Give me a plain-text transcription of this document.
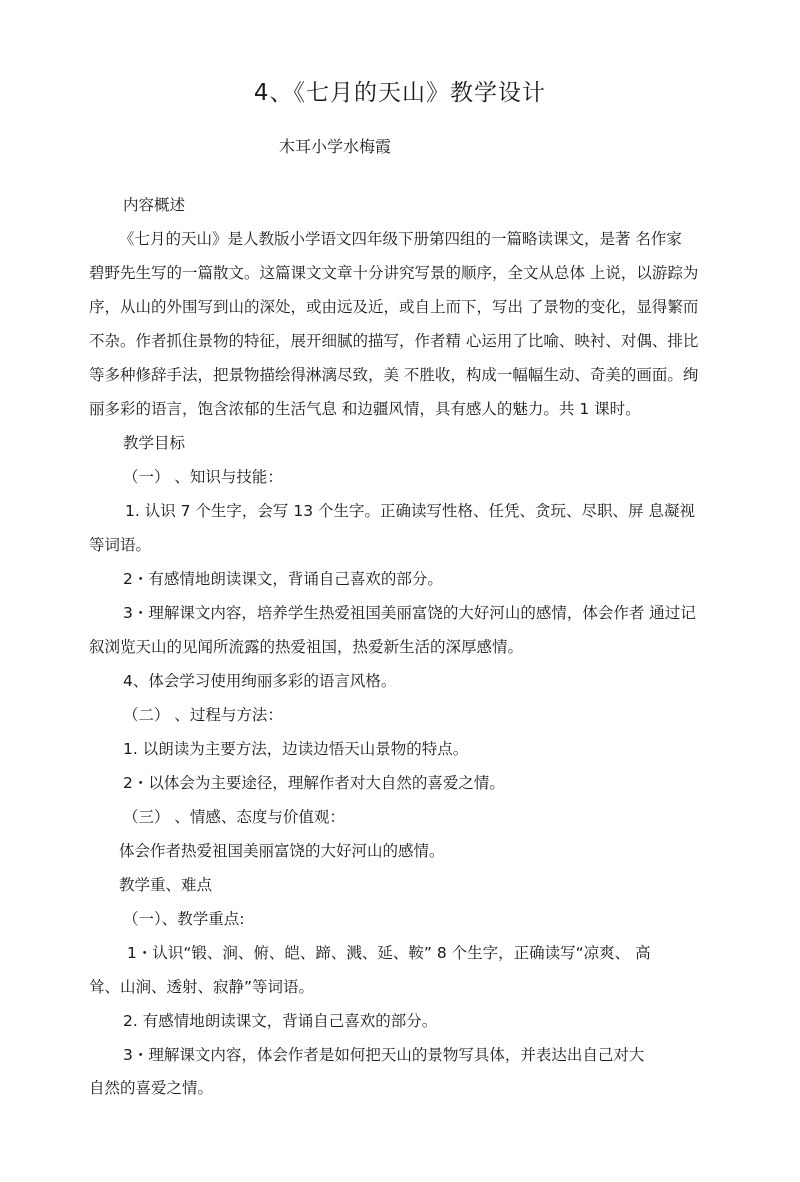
4、《七月的天山》教学设计
木耳小学水梅霞
内容概述
《七月的天山》是人教版小学语文四年级下册第四组的一篇略读课文，是著 名作家
碧野先生写的一篇散文。这篇课文文章十分讲究写景的顺序，全文从总体 上说，以游踪为
序，从山的外围写到山的深处，或由远及近，或自上而下，写出 了景物的变化，显得繁而
不杂。作者抓住景物的特征，展开细腻的描写，作者精 心运用了比喻、映衬、对偶、排比
等多种修辞手法，把景物描绘得淋漓尽致，美 不胜收，构成一幅幅生动、奇美的画面。绚
丽多彩的语言，饱含浓郁的生活气息 和边疆风情，具有感人的魅力。共 1 课时。
教学目标
（一） 、知识与技能：
1. 认识 7 个生字，会写 13 个生字。正确读写性格、任凭、贪玩、尽职、屏 息凝视
等词语。
2・有感情地朗读课文，背诵自己喜欢的部分。
3・理解课文内容，培养学生热爱祖国美丽富饶的大好河山的感情，体会作者 通过记
叙浏览天山的见闻所流露的热爱祖国，热爱新生活的深厚感情。
4、体会学习使用绚丽多彩的语言风格。
（二） 、过程与方法：
1. 以朗读为主要方法，边读边悟天山景物的特点。
2・以体会为主要途径，理解作者对大自然的喜爱之情。
（三） 、情感、态度与价值观：
体会作者热爱祖国美丽富饶的大好河山的感情。
教学重、难点
（一）、教学重点:
1・认识“锻、涧、俯、皑、蹄、溅、延、鞍” 8 个生字，正确读写“凉爽、 高
耸、山涧、透射、寂静”等词语。
2. 有感情地朗读课文，背诵自己喜欢的部分。
3・理解课文内容，体会作者是如何把天山的景物写具体，并表达出自己对大
自然的喜爱之情。
